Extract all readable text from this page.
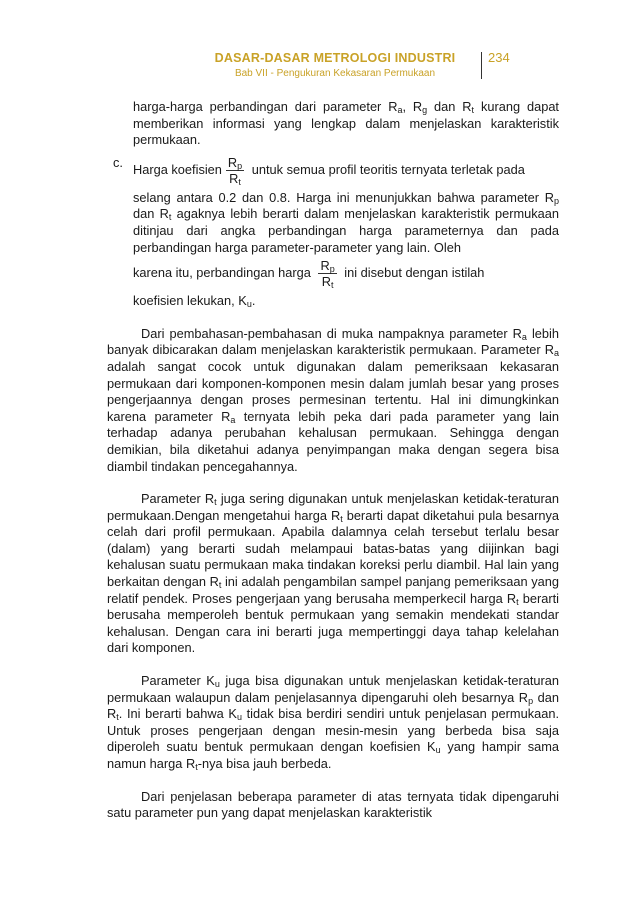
DASAR-DASAR METROLOGI INDUSTRI
Bab VII - Pengukuran Kekasaran Permukaan
234

harga-harga perbandingan dari parameter $R_a$, $R_g$ dan $R_t$ kurang dapat memberikan informasi yang lengkap dalam menjelaskan karakteristik permukaan.

c. Harga koefisien $\frac{R_p}{R_t}$ untuk semua profil teoritis ternyata terletak pada

selang antara 0.2 dan 0.8. Harga ini menunjukkan bahwa parameter $R_p$ dan $R_t$ agaknya lebih berarti dalam menjelaskan karakteristik permukaan ditinjau dari angka perbandingan harga parameternya dan pada perbandingan harga parameter-parameter yang lain. Oleh

karena itu, perbandingan harga $\frac{R_p}{R_t}$ ini disebut dengan istilah

koefisien lekukan, $K_u$.

Dari pembahasan-pembahasan di muka nampaknya parameter $R_a$ lebih banyak dibicarakan dalam menjelaskan karakteristik permukaan. Parameter $R_a$ adalah sangat cocok untuk digunakan dalam pemeriksaan kekasaran permukaan dari komponen-komponen mesin dalam jumlah besar yang proses pengerjaannya dengan proses permesinan tertentu. Hal ini dimungkinkan karena parameter $R_a$ ternyata lebih peka dari pada parameter yang lain terhadap adanya perubahan kehalusan permukaan. Sehingga dengan demikian, bila diketahui adanya penyimpangan maka dengan segera bisa diambil tindakan pencegahannya.

Parameter $R_t$ juga sering digunakan untuk menjelaskan ketidak-teraturan permukaan.Dengan mengetahui harga $R_t$ berarti dapat diketahui pula besarnya celah dari profil permukaan. Apabila dalamnya celah tersebut terlalu besar (dalam) yang berarti sudah melampaui batas-batas yang diijinkan bagi kehalusan suatu permukaan maka tindakan koreksi perlu diambil. Hal lain yang berkaitan dengan $R_t$ ini adalah pengambilan sampel panjang pemeriksaan yang relatif pendek. Proses pengerjaan yang berusaha memperkecil harga $R_t$ berarti berusaha memperoleh bentuk permukaan yang semakin mendekati standar kehalusan. Dengan cara ini berarti juga mempertinggi daya tahap kelelahan dari komponen.

Parameter $K_u$ juga bisa digunakan untuk menjelaskan ketidak-teraturan permukaan walaupun dalam penjelasannya dipengaruhi oleh besarnya $R_p$ dan $R_t$. Ini berarti bahwa $K_u$ tidak bisa berdiri sendiri untuk penjelasan permukaan. Untuk proses pengerjaan dengan mesin-mesin yang berbeda bisa saja diperoleh suatu bentuk permukaan dengan koefisien $K_u$ yang hampir sama namun harga $R_t$-nya bisa jauh berbeda.

Dari penjelasan beberapa parameter di atas ternyata tidak dipengaruhi satu parameter pun yang dapat menjelaskan karakteristik
